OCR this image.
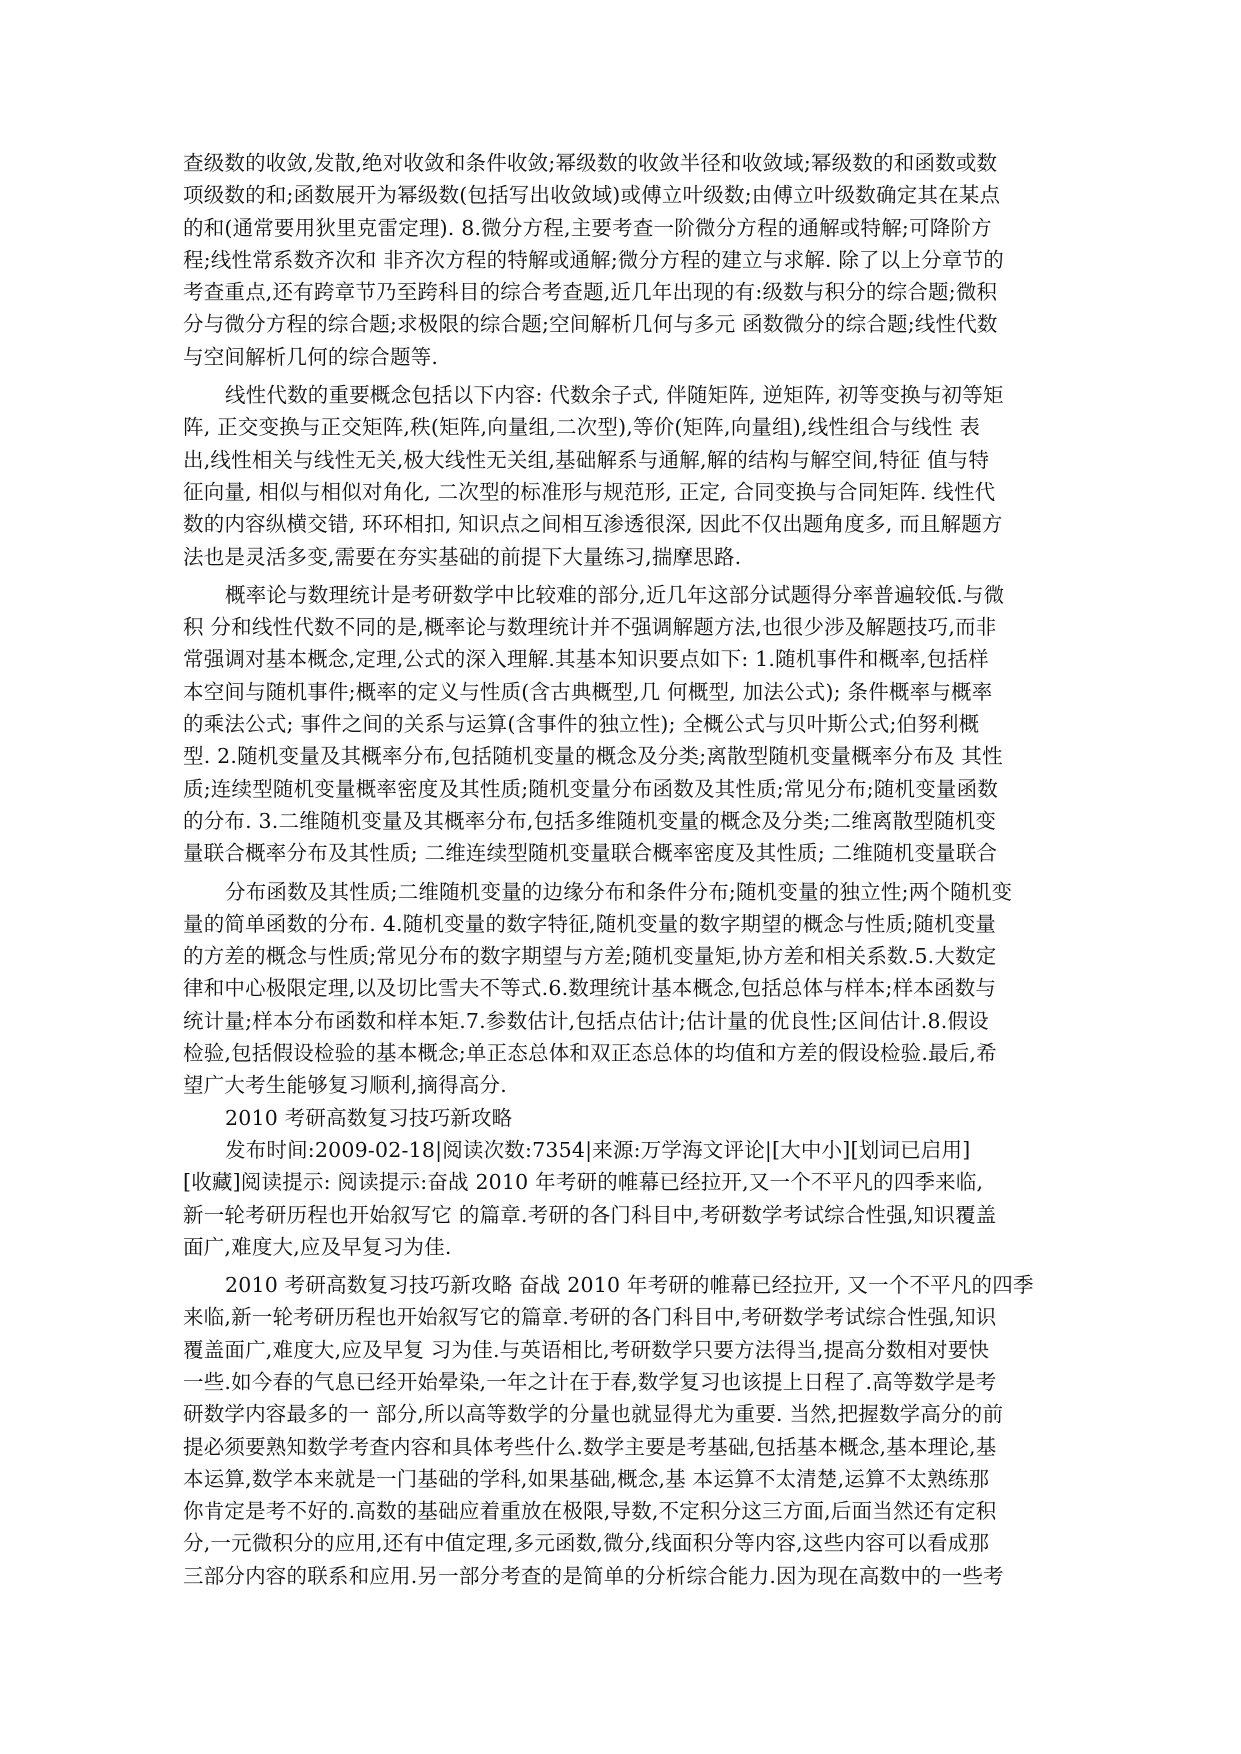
查级数的收敛,发散,绝对收敛和条件收敛;幂级数的收敛半径和收敛域;幂级数的和函数或数
项级数的和;函数展开为幂级数(包括写出收敛域)或傅立叶级数;由傅立叶级数确定其在某点
的和(通常要用狄里克雷定理). 8.微分方程,主要考查一阶微分方程的通解或特解;可降阶方
程;线性常系数齐次和 非齐次方程的特解或通解;微分方程的建立与求解. 除了以上分章节的
考查重点,还有跨章节乃至跨科目的综合考查题,近几年出现的有:级数与积分的综合题;微积
分与微分方程的综合题;求极限的综合题;空间解析几何与多元 函数微分的综合题;线性代数
与空间解析几何的综合题等.
线性代数的重要概念包括以下内容: 代数余子式, 伴随矩阵, 逆矩阵, 初等变换与初等矩
阵, 正交变换与正交矩阵,秩(矩阵,向量组,二次型),等价(矩阵,向量组),线性组合与线性 表
出,线性相关与线性无关,极大线性无关组,基础解系与通解,解的结构与解空间,特征 值与特
征向量, 相似与相似对角化, 二次型的标准形与规范形, 正定, 合同变换与合同矩阵. 线性代
数的内容纵横交错, 环环相扣, 知识点之间相互渗透很深, 因此不仅出题角度多, 而且解题方
法也是灵活多变,需要在夯实基础的前提下大量练习,揣摩思路.
概率论与数理统计是考研数学中比较难的部分,近几年这部分试题得分率普遍较低.与微
积 分和线性代数不同的是,概率论与数理统计并不强调解题方法,也很少涉及解题技巧,而非
常强调对基本概念,定理,公式的深入理解.其基本知识要点如下: 1.随机事件和概率,包括样
本空间与随机事件;概率的定义与性质(含古典概型,几 何概型, 加法公式); 条件概率与概率
的乘法公式; 事件之间的关系与运算(含事件的独立性); 全概公式与贝叶斯公式;伯努利概
型. 2.随机变量及其概率分布,包括随机变量的概念及分类;离散型随机变量概率分布及 其性
质;连续型随机变量概率密度及其性质;随机变量分布函数及其性质;常见分布;随机变量函数
的分布. 3.二维随机变量及其概率分布,包括多维随机变量的概念及分类;二维离散型随机变
量联合概率分布及其性质; 二维连续型随机变量联合概率密度及其性质; 二维随机变量联合
分布函数及其性质;二维随机变量的边缘分布和条件分布;随机变量的独立性;两个随机变
量的简单函数的分布. 4.随机变量的数字特征,随机变量的数字期望的概念与性质;随机变量
的方差的概念与性质;常见分布的数字期望与方差;随机变量矩,协方差和相关系数.5.大数定
律和中心极限定理,以及切比雪夫不等式.6.数理统计基本概念,包括总体与样本;样本函数与
统计量;样本分布函数和样本矩.7.参数估计,包括点估计;估计量的优良性;区间估计.8.假设
检验,包括假设检验的基本概念;单正态总体和双正态总体的均值和方差的假设检验.最后,希
望广大考生能够复习顺利,摘得高分.
2010 考研高数复习技巧新攻略
发布时间:2009-02-18|阅读次数:7354|来源:万学海文评论|[大中小][划词已启用]
[收藏]阅读提示: 阅读提示:奋战 2010 年考研的帷幕已经拉开,又一个不平凡的四季来临,
新一轮考研历程也开始叙写它 的篇章.考研的各门科目中,考研数学考试综合性强,知识覆盖
面广,难度大,应及早复习为佳.
2010 考研高数复习技巧新攻略 奋战 2010 年考研的帷幕已经拉开, 又一个不平凡的四季
来临,新一轮考研历程也开始叙写它的篇章.考研的各门科目中,考研数学考试综合性强,知识
覆盖面广,难度大,应及早复 习为佳.与英语相比,考研数学只要方法得当,提高分数相对要快
一些.如今春的气息已经开始晕染,一年之计在于春,数学复习也该提上日程了.高等数学是考
研数学内容最多的一 部分,所以高等数学的分量也就显得尤为重要. 当然,把握数学高分的前
提必须要熟知数学考查内容和具体考些什么.数学主要是考基础,包括基本概念,基本理论,基
本运算,数学本来就是一门基础的学科,如果基础,概念,基 本运算不太清楚,运算不太熟练那
你肯定是考不好的.高数的基础应着重放在极限,导数,不定积分这三方面,后面当然还有定积
分,一元微积分的应用,还有中值定理,多元函数,微分,线面积分等内容,这些内容可以看成那
三部分内容的联系和应用.另一部分考查的是简单的分析综合能力.因为现在高数中的一些考
